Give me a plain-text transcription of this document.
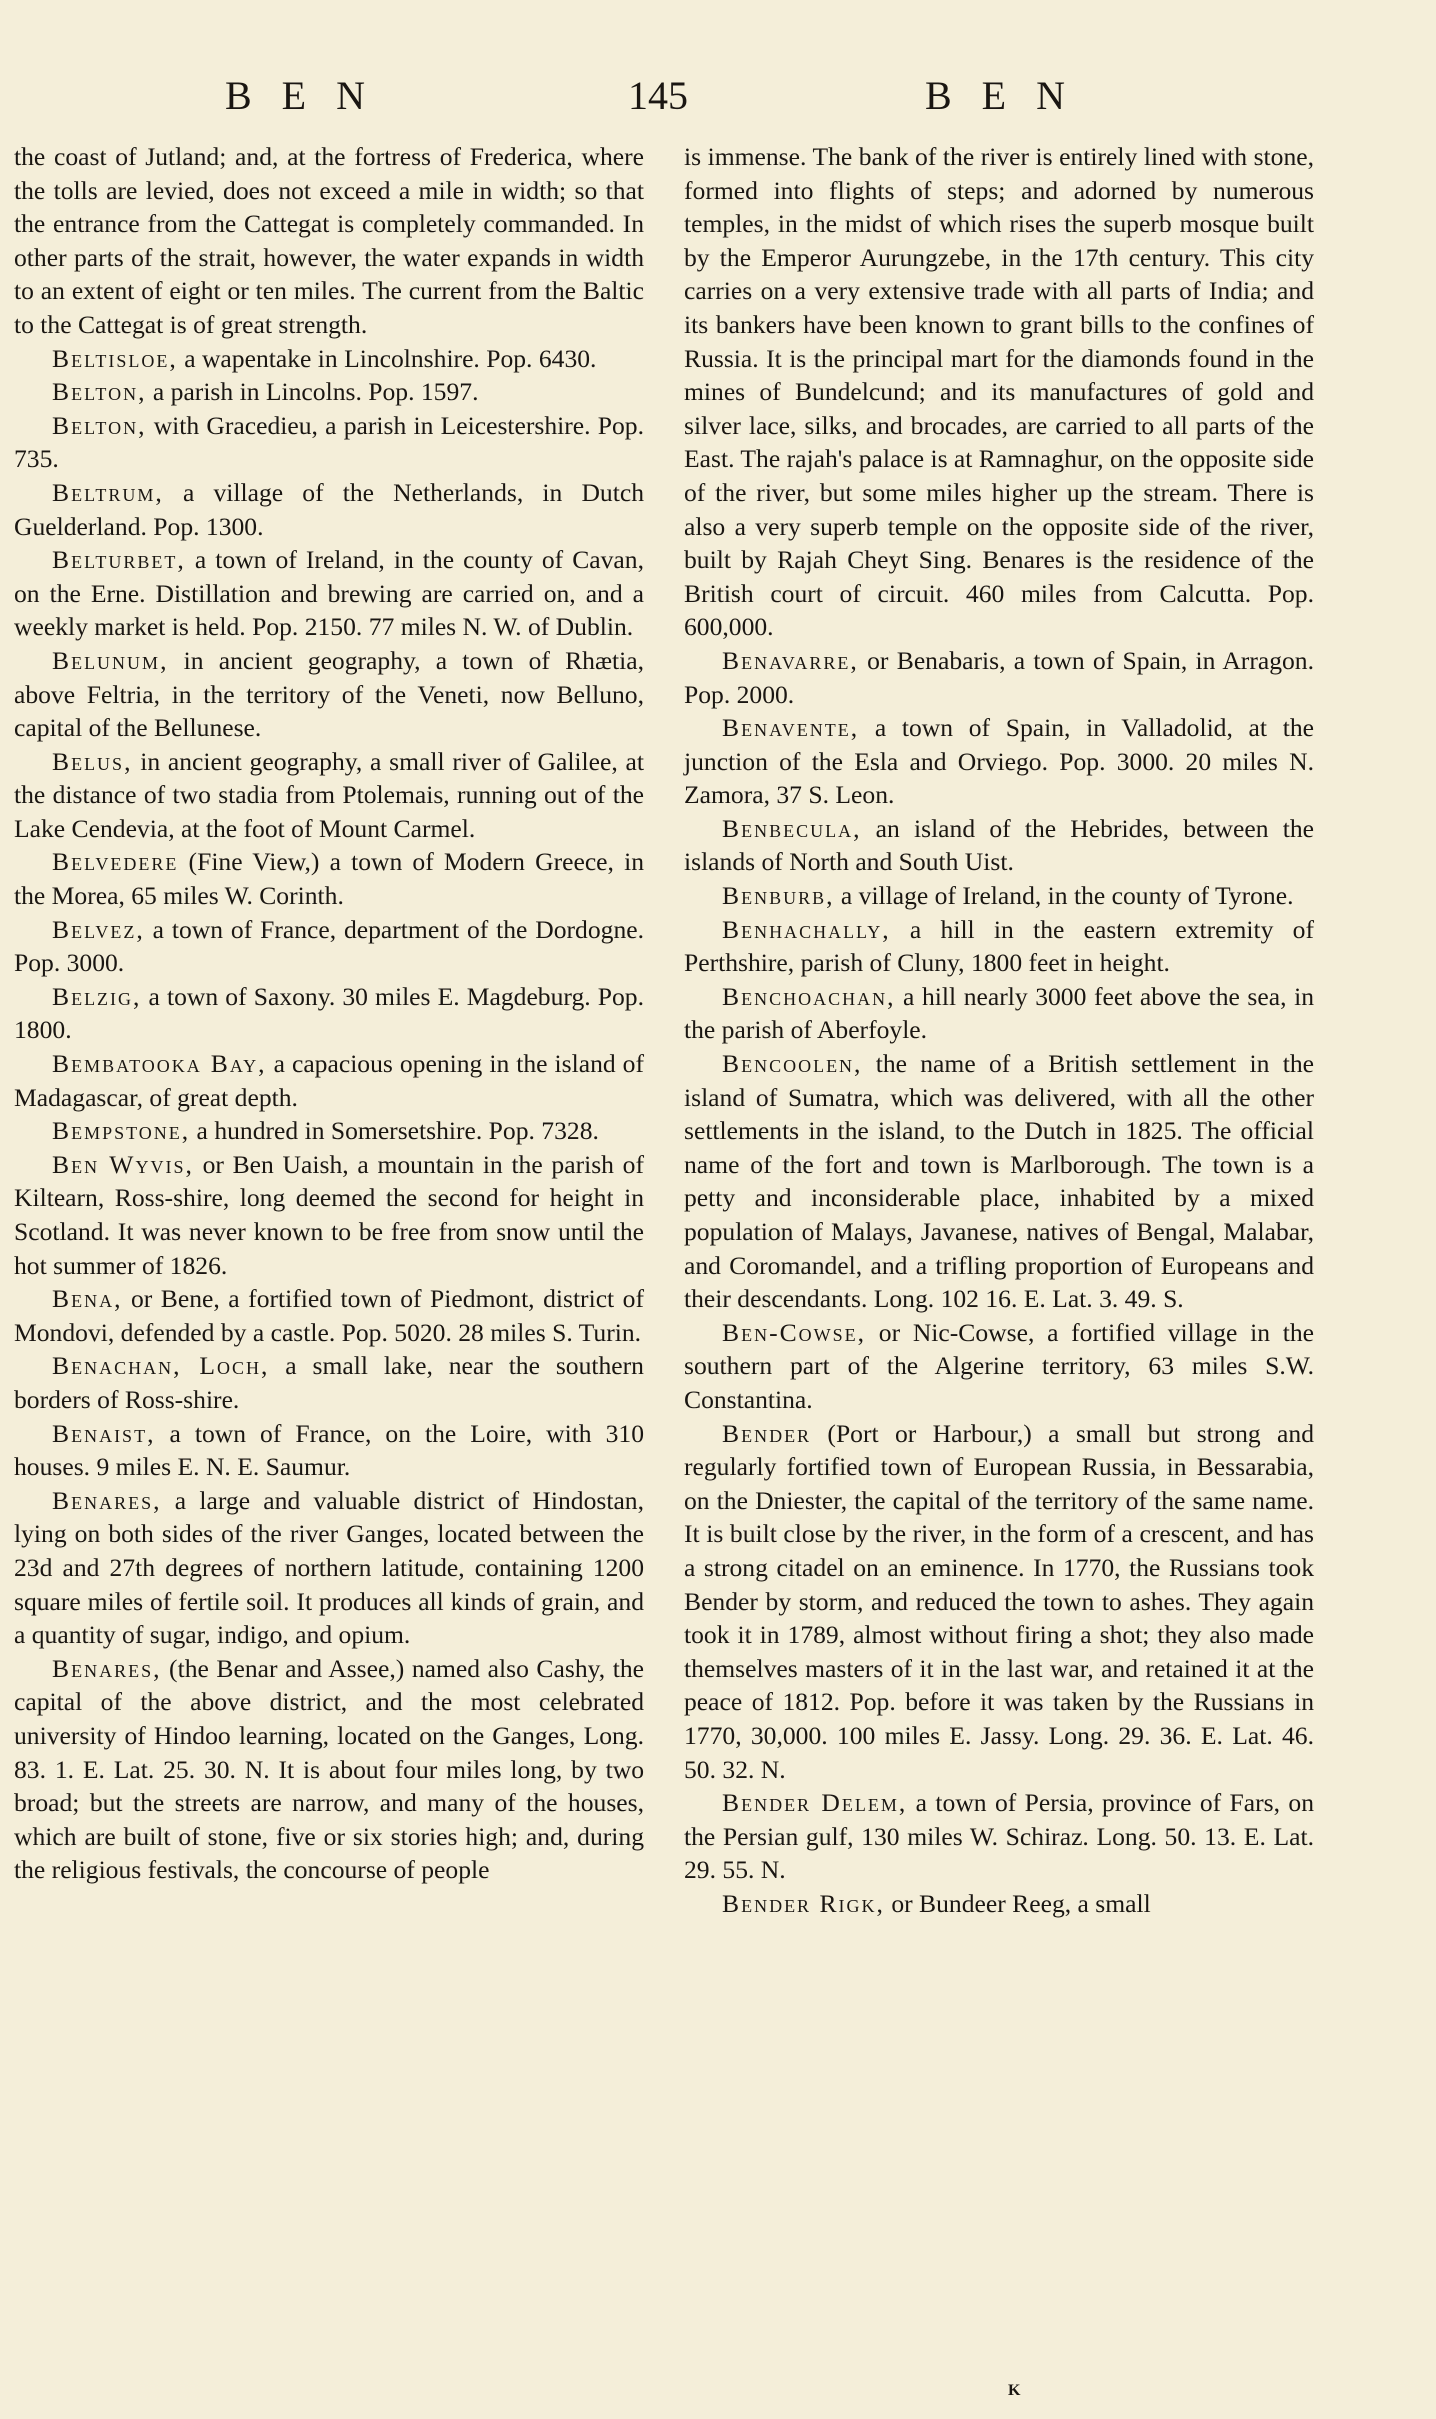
BEN	145	BEN

the coast of Jutland; and, at the fortress of Frederica, where the tolls are levied, does not exceed a mile in width; so that the entrance from the Cattegat is completely commanded. In other parts of the strait, however, the water expands in width to an extent of eight or ten miles. The current from the Baltic to the Cattegat is of great strength.

Beltisloe, a wapentake in Lincolnshire. Pop. 6430.

Belton, a parish in Lincolns. Pop. 1597.

Belton, with Gracedieu, a parish in Leicestershire. Pop. 735.

Beltrum, a village of the Netherlands, in Dutch Guelderland. Pop. 1300.

Belturbet, a town of Ireland, in the county of Cavan, on the Erne. Distillation and brewing are carried on, and a weekly market is held. Pop. 2150. 77 miles N. W. of Dublin.

Belunum, in ancient geography, a town of Rhætia, above Feltria, in the territory of the Veneti, now Belluno, capital of the Bellunese.

Belus, in ancient geography, a small river of Galilee, at the distance of two stadia from Ptolemais, running out of the Lake Cendevia, at the foot of Mount Carmel.

Belvedere (Fine View,) a town of Modern Greece, in the Morea, 65 miles W. Corinth.

Belvez, a town of France, department of the Dordogne. Pop. 3000.

Belzig, a town of Saxony. 30 miles E. Magdeburg. Pop. 1800.

Bembatooka Bay, a capacious opening in the island of Madagascar, of great depth.

Bempstone, a hundred in Somersetshire. Pop. 7328.

Ben Wyvis, or Ben Uaish, a mountain in the parish of Kiltearn, Ross-shire, long deemed the second for height in Scotland. It was never known to be free from snow until the hot summer of 1826.

Bena, or Bene, a fortified town of Piedmont, district of Mondovi, defended by a castle. Pop. 5020. 28 miles S. Turin.

Benachan, Loch, a small lake, near the southern borders of Ross-shire.

Benaist, a town of France, on the Loire, with 310 houses. 9 miles E. N. E. Saumur.

Benares, a large and valuable district of Hindostan, lying on both sides of the river Ganges, located between the 23d and 27th degrees of northern latitude, containing 1200 square miles of fertile soil. It produces all kinds of grain, and a quantity of sugar, indigo, and opium.

Benares, (the Benar and Assee,) named also Cashy, the capital of the above district, and the most celebrated university of Hindoo learning, located on the Ganges, Long. 83. 1. E. Lat. 25. 30. N. It is about four miles long, by two broad; but the streets are narrow, and many of the houses, which are built of stone, five or six stories high; and, during the religious festivals, the concourse of people

is immense. The bank of the river is entirely lined with stone, formed into flights of steps; and adorned by numerous temples, in the midst of which rises the superb mosque built by the Emperor Aurungzebe, in the 17th century. This city carries on a very extensive trade with all parts of India; and its bankers have been known to grant bills to the confines of Russia. It is the principal mart for the diamonds found in the mines of Bundelcund; and its manufactures of gold and silver lace, silks, and brocades, are carried to all parts of the East. The rajah's palace is at Ramnaghur, on the opposite side of the river, but some miles higher up the stream. There is also a very superb temple on the opposite side of the river, built by Rajah Cheyt Sing. Benares is the residence of the British court of circuit. 460 miles from Calcutta. Pop. 600,000.

Benavarre, or Benabaris, a town of Spain, in Arragon. Pop. 2000.

Benavente, a town of Spain, in Valladolid, at the junction of the Esla and Orviego. Pop. 3000. 20 miles N. Zamora, 37 S. Leon.

Benbecula, an island of the Hebrides, between the islands of North and South Uist.

Benburb, a village of Ireland, in the county of Tyrone.

Benhachally, a hill in the eastern extremity of Perthshire, parish of Cluny, 1800 feet in height.

Benchoachan, a hill nearly 3000 feet above the sea, in the parish of Aberfoyle.

Bencoolen, the name of a British settlement in the island of Sumatra, which was delivered, with all the other settlements in the island, to the Dutch in 1825. The official name of the fort and town is Marlborough. The town is a petty and inconsiderable place, inhabited by a mixed population of Malays, Javanese, natives of Bengal, Malabar, and Coromandel, and a trifling proportion of Europeans and their descendants. Long. 102 16. E. Lat. 3. 49. S.

Ben-Cowse, or Nic-Cowse, a fortified village in the southern part of the Algerine territory, 63 miles S.W. Constantina.

Bender (Port or Harbour,) a small but strong and regularly fortified town of European Russia, in Bessarabia, on the Dniester, the capital of the territory of the same name. It is built close by the river, in the form of a crescent, and has a strong citadel on an eminence. In 1770, the Russians took Bender by storm, and reduced the town to ashes. They again took it in 1789, almost without firing a shot; they also made themselves masters of it in the last war, and retained it at the peace of 1812. Pop. before it was taken by the Russians in 1770, 30,000. 100 miles E. Jassy. Long. 29. 36. E. Lat. 46. 50. 32. N.

Bender Delem, a town of Persia, province of Fars, on the Persian gulf, 130 miles W. Schiraz. Long. 50. 13. E. Lat. 29. 55. N.

Bender Rigk, or Bundeer Reeg, a small

K
